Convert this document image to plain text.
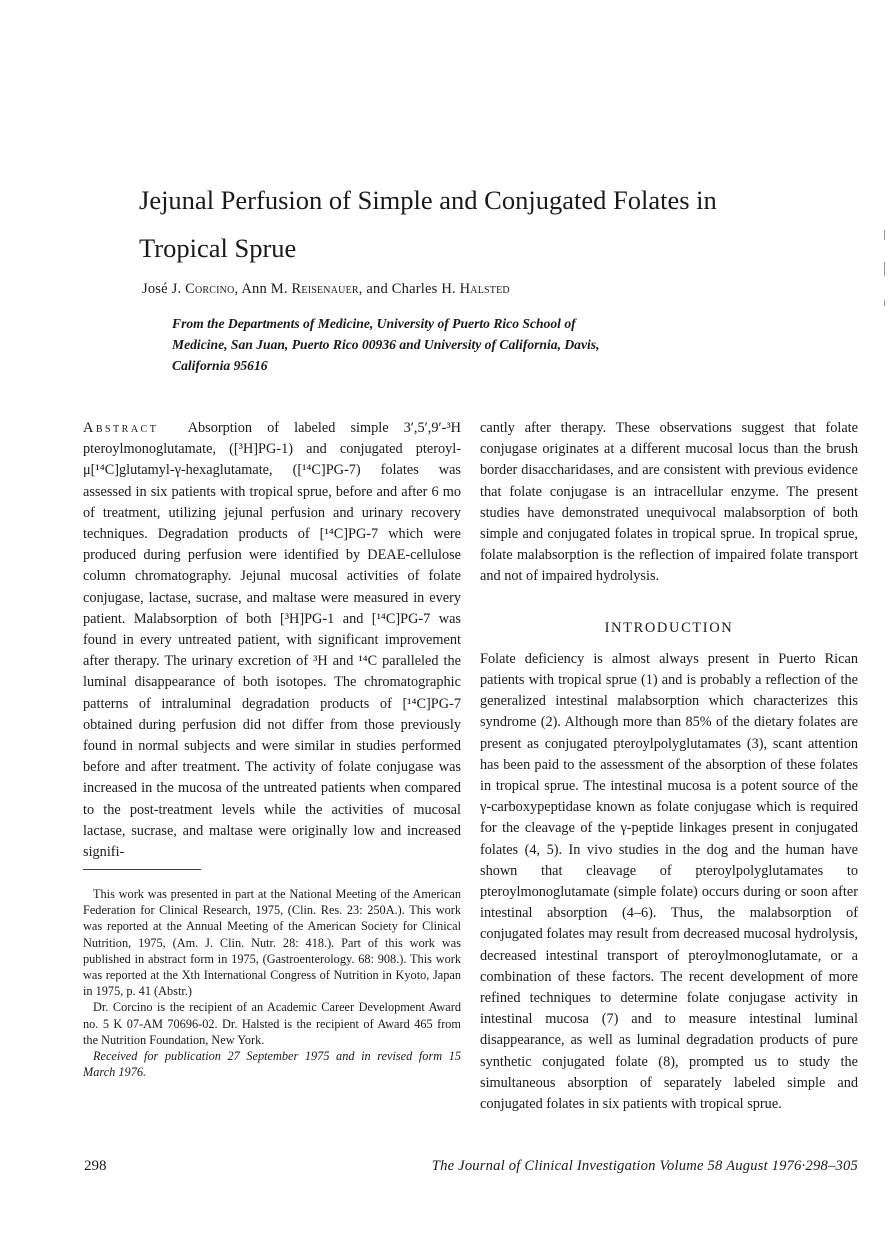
Jejunal Perfusion of Simple and Conjugated Folates in Tropical Sprue
José J. Corcino, Ann M. Reisenauer, and Charles H. Halsted
From the Departments of Medicine, University of Puerto Rico School of Medicine, San Juan, Puerto Rico 00936 and University of California, Davis, California 95616

Abstract Absorption of labeled simple 3′,5′,9′-³H pteroylmonoglutamate, ([³H]PG-1) and conjugated pteroyl-μ[¹⁴C]glutamyl-γ-hexaglutamate, ([¹⁴C]PG-7) folates was assessed in six patients with tropical sprue, before and after 6 mo of treatment, utilizing jejunal perfusion and urinary recovery techniques. Degradation products of [¹⁴C]PG-7 which were produced during perfusion were identified by DEAE-cellulose column chromatography. Jejunal mucosal activities of folate conjugase, lactase, sucrase, and maltase were measured in every patient. Malabsorption of both [³H]PG-1 and [¹⁴C]PG-7 was found in every untreated patient, with significant improvement after therapy. The urinary excretion of ³H and ¹⁴C paralleled the luminal disappearance of both isotopes. The chromatographic patterns of intraluminal degradation products of [¹⁴C]PG-7 obtained during perfusion did not differ from those previously found in normal subjects and were similar in studies performed before and after treatment. The activity of folate conjugase was increased in the mucosa of the untreated patients when compared to the post-treatment levels while the activities of mucosal lactase, sucrase, and maltase were originally low and increased signifi-

cantly after therapy. These observations suggest that folate conjugase originates at a different mucosal locus than the brush border disaccharidases, and are consistent with previous evidence that folate conjugase is an intracellular enzyme. The present studies have demonstrated unequivocal malabsorption of both simple and conjugated folates in tropical sprue. In tropical sprue, folate malabsorption is the reflection of impaired folate transport and not of impaired hydrolysis.

INTRODUCTION

Folate deficiency is almost always present in Puerto Rican patients with tropical sprue (1) and is probably a reflection of the generalized intestinal malabsorption which characterizes this syndrome (2). Although more than 85% of the dietary folates are present as conjugated pteroylpolyglutamates (3), scant attention has been paid to the assessment of the absorption of these folates in tropical sprue. The intestinal mucosa is a potent source of the γ-carboxypeptidase known as folate conjugase which is required for the cleavage of the γ-peptide linkages present in conjugated folates (4, 5). In vivo studies in the dog and the human have shown that cleavage of pteroylpolyglutamates to pteroylmonoglutamate (simple folate) occurs during or soon after intestinal absorption (4–6). Thus, the malabsorption of conjugated folates may result from decreased mucosal hydrolysis, decreased intestinal transport of pteroylmonoglutamate, or a combination of these factors. The recent development of more refined techniques to determine folate conjugase activity in intestinal mucosa (7) and to measure intestinal luminal disappearance, as well as luminal degradation products of pure synthetic conjugated folate (8), prompted us to study the simultaneous absorption of separately labeled simple and conjugated folates in six patients with tropical sprue.

This work was presented in part at the National Meeting of the American Federation for Clinical Research, 1975, (Clin. Res. 23: 250A.). This work was reported at the Annual Meeting of the American Society for Clinical Nutrition, 1975, (Am. J. Clin. Nutr. 28: 418.). Part of this work was published in abstract form in 1975, (Gastroenterology. 68: 908.). This work was reported at the Xth International Congress of Nutrition in Kyoto, Japan in 1975, p. 41 (Abstr.)

Dr. Corcino is the recipient of an Academic Career Development Award no. 5 K 07-AM 70696-02. Dr. Halsted is the recipient of Award 465 from the Nutrition Foundation, New York.

Received for publication 27 September 1975 and in revised form 15 March 1976.

298	The Journal of Clinical Investigation Volume 58 August 1976·298–305
